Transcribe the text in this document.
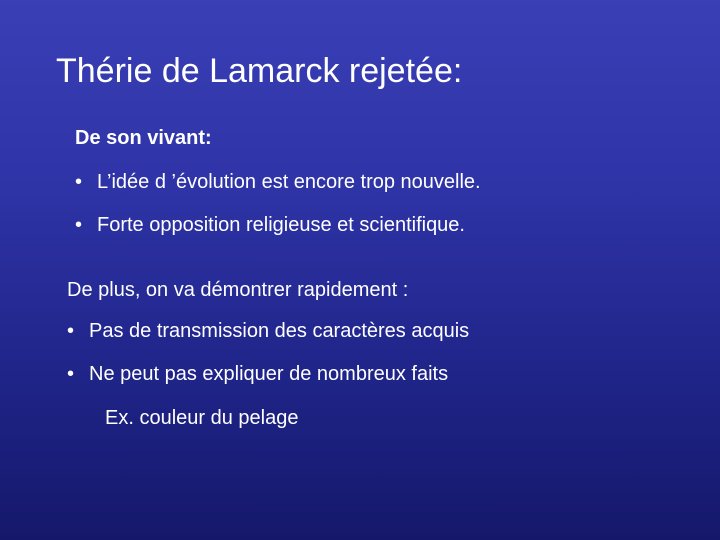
Thérie de Lamarck rejetée:
De son vivant:
• L’idée d ’évolution est encore trop nouvelle.
• Forte opposition religieuse et scientifique.
De plus, on va démontrer rapidement :
• Pas de transmission des caractères acquis
• Ne peut pas expliquer de nombreux faits
Ex. couleur du pelage
